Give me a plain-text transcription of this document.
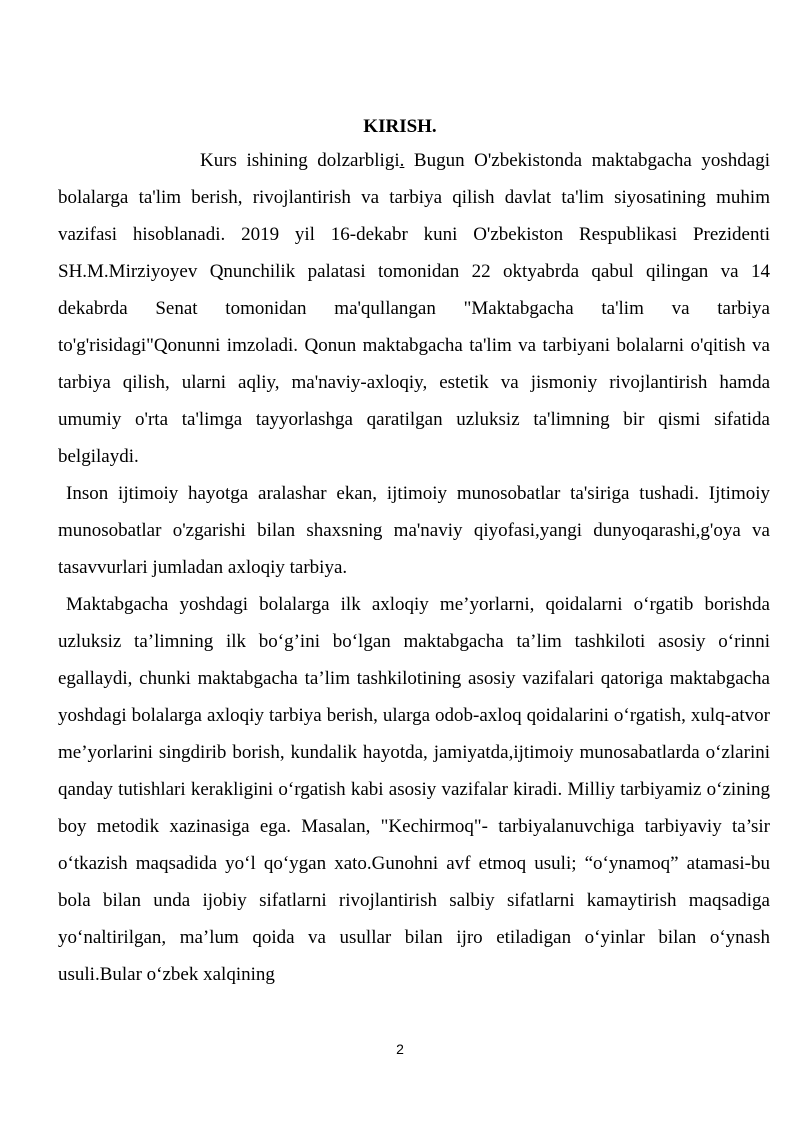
KIRISH.

Kurs ishining dolzarbligi. Bugun O'zbekistonda maktabgacha yoshdagi bolalarga ta'lim berish, rivojlantirish va tarbiya qilish davlat ta'lim siyosatining muhim vazifasi hisoblanadi. 2019 yil 16-dekabr kuni O'zbekiston Respublikasi Prezidenti SH.M.Mirziyoyev Qnunchilik palatasi tomonidan 22 oktyabrda qabul qilingan va 14 dekabrda Senat tomonidan ma'qullangan "Maktabgacha ta'lim va tarbiya to'g'risidagi"Qonunni imzoladi. Qonun maktabgacha ta'lim va tarbiyani bolalarni o'qitish va tarbiya qilish, ularni aqliy, ma'naviy-axloqiy, estetik va jismoniy rivojlantirish hamda umumiy o'rta ta'limga tayyorlashga qaratilgan uzluksiz ta'limning bir qismi sifatida belgilaydi.

Inson ijtimoiy hayotga aralashar ekan, ijtimoiy munosobatlar ta'siriga tushadi. Ijtimoiy munosobatlar o'zgarishi bilan shaxsning ma'naviy qiyofasi,yangi dunyoqarashi,g'oya va tasavvurlari jumladan axloqiy tarbiya.

Maktabgacha yoshdagi bolalarga ilk axloqiy me’yorlarni, qoidalarni o‘rgatib borishda uzluksiz ta’limning ilk bo‘g’ini bo‘lgan maktabgacha ta’lim tashkiloti asosiy o‘rinni egallaydi, chunki maktabgacha ta’lim tashkilotining asosiy vazifalari qatoriga maktabgacha yoshdagi bolalarga axloqiy tarbiya berish, ularga odob-axloq qoidalarini o‘rgatish, xulq-atvor me’yorlarini singdirib borish, kundalik hayotda, jamiyatda,ijtimoiy munosabatlarda o‘zlarini qanday tutishlari kerakligini o‘rgatish kabi asosiy vazifalar kiradi. Milliy tarbiyamiz o‘zining boy metodik xazinasiga ega. Masalan, "Kechirmoq"- tarbiyalanuvchiga tarbiyaviy ta’sir o‘tkazish maqsadida yo‘l qo‘ygan xato.Gunohni avf etmoq usuli; “o‘ynamoq” atamasi-bu bola bilan unda ijobiy sifatlarni rivojlantirish salbiy sifatlarni kamaytirish maqsadiga yo‘naltirilgan, ma’lum qoida va usullar bilan ijro etiladigan o‘yinlar bilan o‘ynash usuli.Bular o‘zbek xalqining

2
